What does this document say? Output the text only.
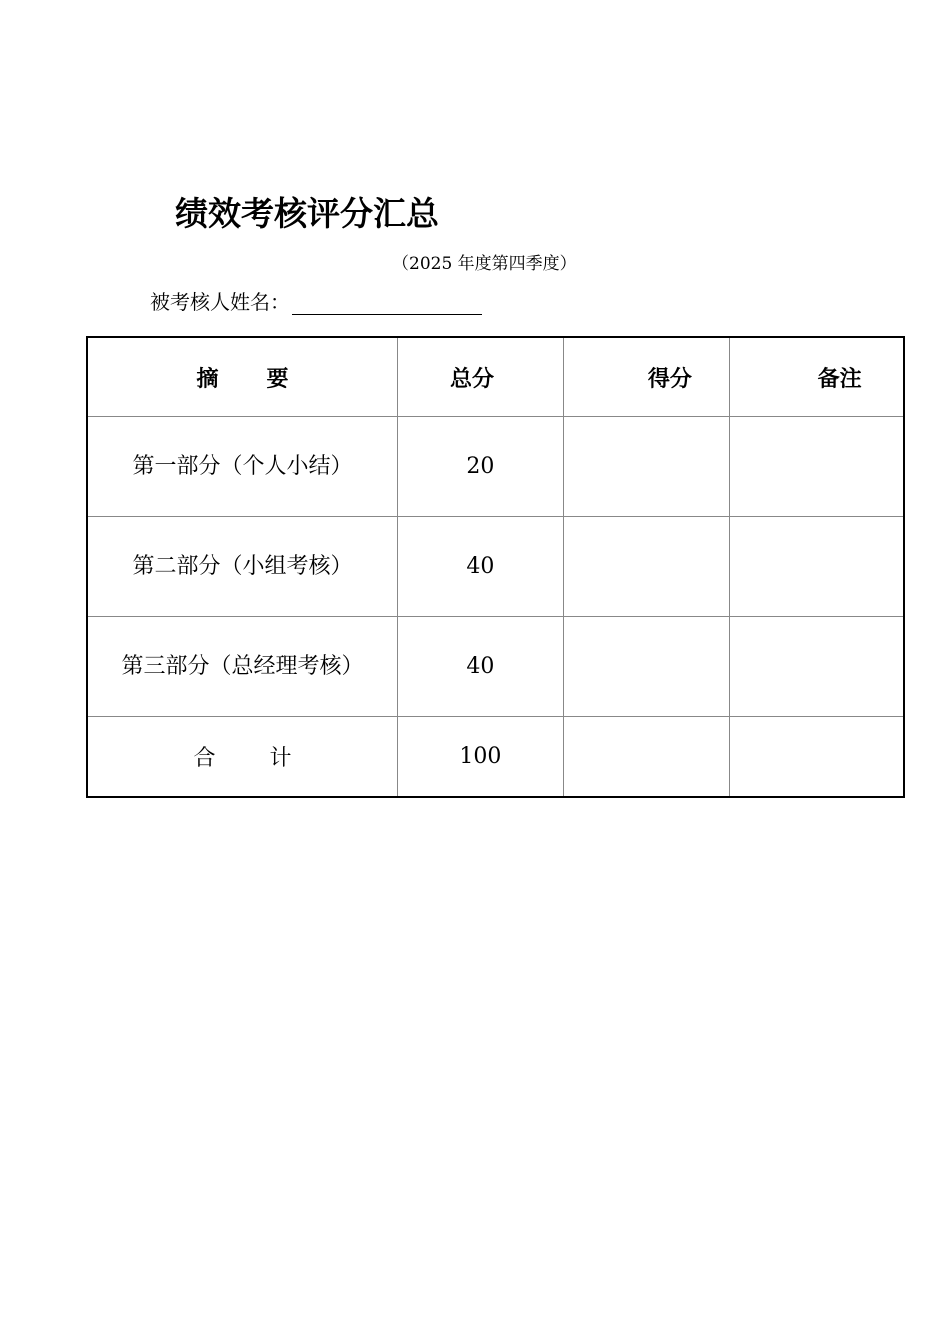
绩效考核评分汇总
（2025 年度第四季度）
被考核人姓名：
摘 要	总分	得分	备注
第一部分（个人小结）	20		
第二部分（小组考核）	40		
第三部分（总经理考核）	40		
合 计	100		
